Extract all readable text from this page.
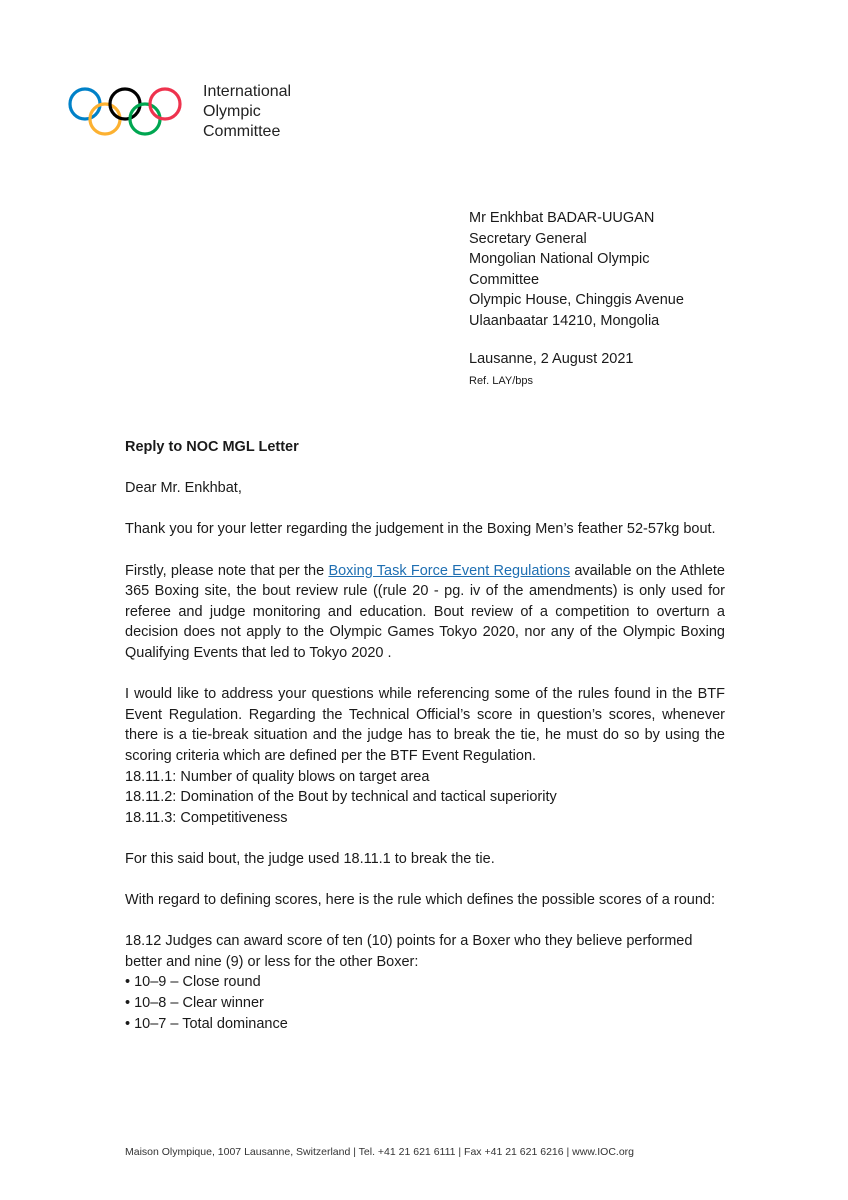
International
Olympic
Committee
Mr Enkhbat BADAR-UUGAN
Secretary General
Mongolian National Olympic
Committee
Olympic House, Chinggis Avenue
Ulaanbaatar 14210, Mongolia
Lausanne, 2 August 2021
Ref. LAY/bps

Reply to NOC MGL Letter

Dear Mr. Enkhbat,

Thank you for your letter regarding the judgement in the Boxing Men’s feather 52-57kg bout.

Firstly, please note that per the Boxing Task Force Event Regulations available on the Athlete 365 Boxing site, the bout review rule ((rule 20 - pg. iv of the amendments) is only used for referee and judge monitoring and education. Bout review of a competition to overturn a decision does not apply to the Olympic Games Tokyo 2020, nor any of the Olympic Boxing Qualifying Events that led to Tokyo 2020 .

I would like to address your questions while referencing some of the rules found in the BTF Event Regulation. Regarding the Technical Official’s score in question’s scores, whenever there is a tie-break situation and the judge has to break the tie, he must do so by using the scoring criteria which are defined per the BTF Event Regulation.

18.11.1: Number of quality blows on target area

18.11.2: Domination of the Bout by technical and tactical superiority

18.11.3: Competitiveness

For this said bout, the judge used 18.11.1 to break the tie.

With regard to defining scores, here is the rule which defines the possible scores of a round:

18.12 Judges can award score of ten (10) points for a Boxer who they believe performed better and nine (9) or less for the other Boxer:

• 10–9 – Close round

• 10–8 – Clear winner

• 10–7 – Total dominance

Maison Olympique, 1007 Lausanne, Switzerland | Tel. +41 21 621 6111 | Fax +41 21 621 6216 | www.IOC.org
